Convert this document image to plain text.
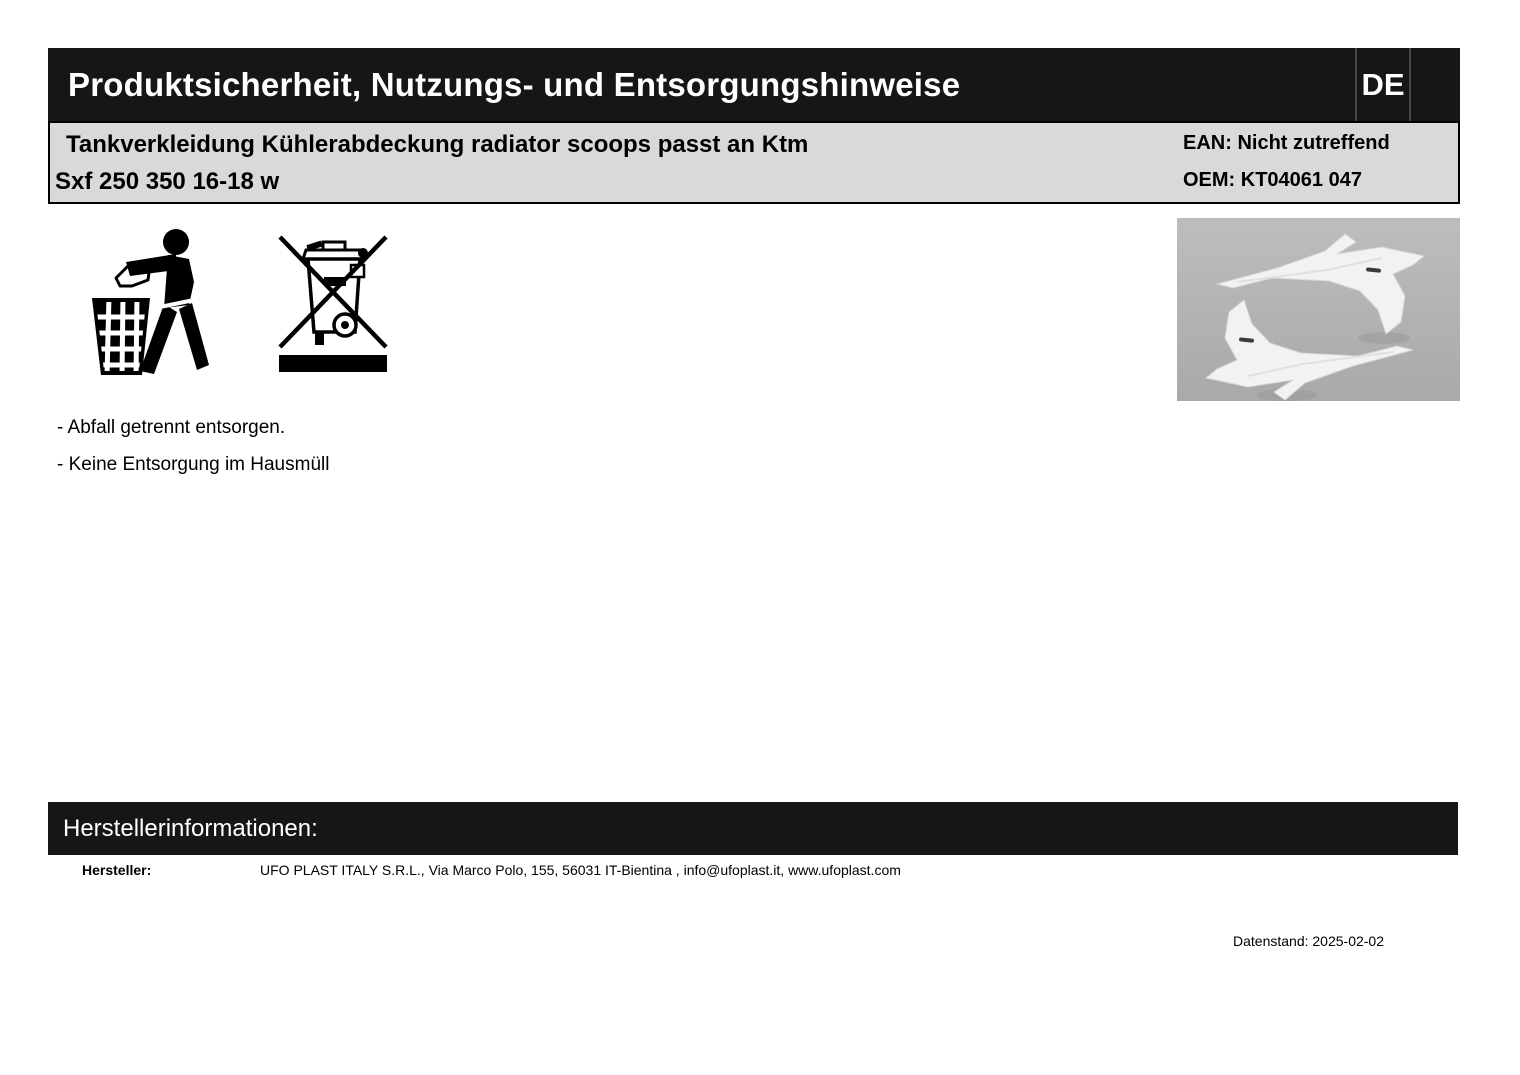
Produktsicherheit, Nutzungs- und Entsorgungshinweise	DE
Tankverkleidung Kühlerabdeckung radiator scoops passt an Ktm
Sxf 250 350 16-18 w
EAN: Nicht zutreffend
OEM: KT04061 047
- Abfall getrennt entsorgen.
- Keine Entsorgung im Hausmüll
Herstellerinformationen:
Hersteller:	UFO PLAST ITALY S.R.L., Via Marco Polo, 155, 56031 IT-Bientina , info@ufoplast.it, www.ufoplast.com
Datenstand: 2025-02-02
